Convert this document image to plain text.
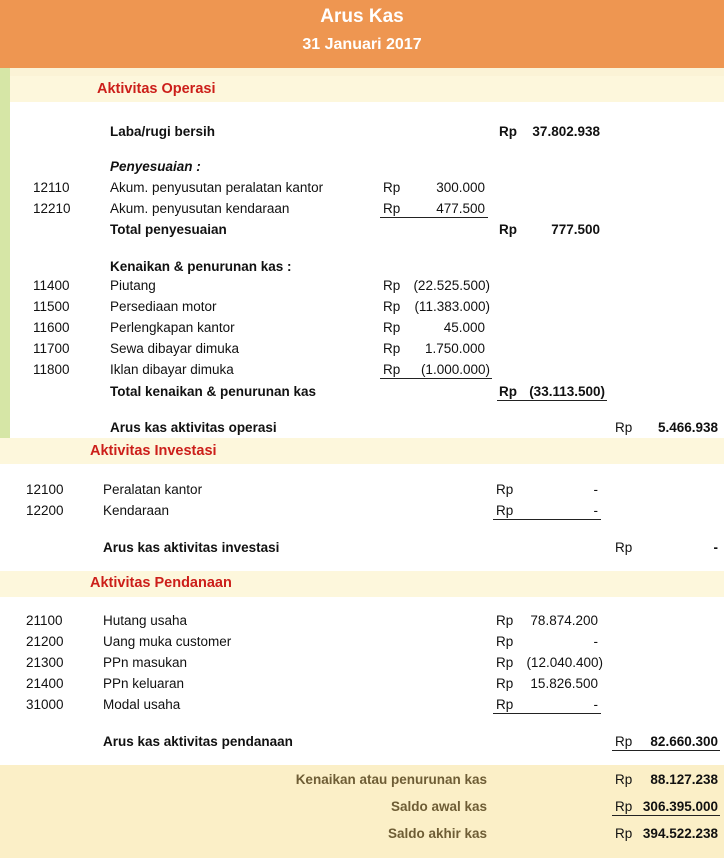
Arus Kas
31 Januari 2017
Aktivitas Operasi
Laba/rugi bersih	Rp	37.802.938
Penyesuaian :
12110	Akum. penyusutan peralatan kantor	Rp	300.000
12210	Akum. penyusutan kendaraan	Rp	477.500
Total penyesuaian	Rp	777.500
Kenaikan & penurunan kas :
11400	Piutang	Rp (22.525.500)
11500	Persediaan motor	Rp	(11.383.000)
11600	Perlengkapan kantor	Rp	45.000
11700	Sewa dibayar dimuka	Rp	1.750.000
11800	Iklan dibayar dimuka	Rp	(1.000.000)
Total kenaikan & penurunan kas	Rp (33.113.500)
Arus kas aktivitas operasi	Rp	5.466.938
Aktivitas Investasi
12100	Peralatan kantor	Rp	-
12200	Kendaraan	Rp	-
Arus kas aktivitas investasi	Rp	-
Aktivitas Pendanaan
21100	Hutang usaha	Rp	78.874.200
21200	Uang muka customer	Rp	-
21300	PPn masukan	Rp (12.040.400)
21400	PPn keluaran	Rp	15.826.500
31000	Modal usaha	Rp	-
Arus kas aktivitas pendanaan	Rp	82.660.300
Kenaikan atau penurunan kas	Rp	88.127.238
Saldo awal kas	Rp 306.395.000
Saldo akhir kas	Rp 394.522.238
